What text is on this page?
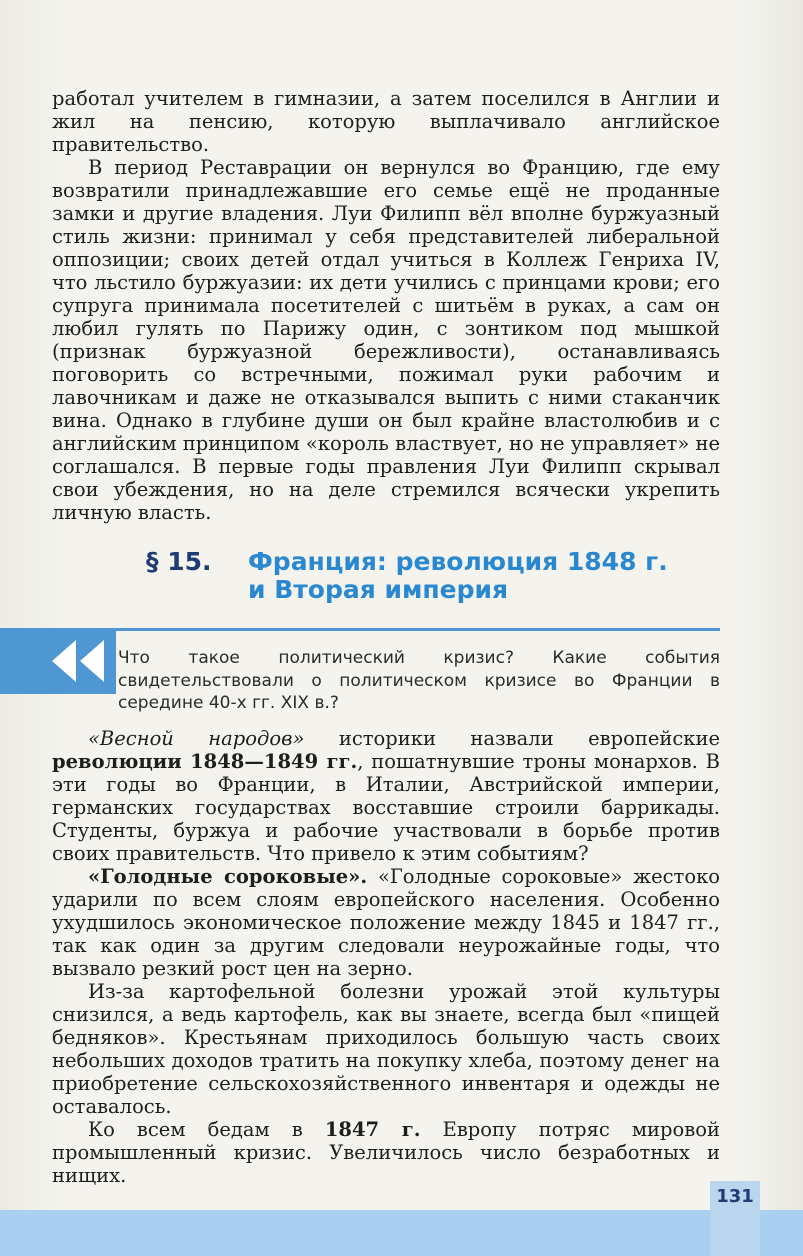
работал учителем в гимназии, а затем поселился в Англии и жил на пенсию, которую выплачивало английское правительство.

В период Реставрации он вернулся во Францию, где ему возвратили принадлежавшие его семье ещё не проданные замки и другие владения. Луи Филипп вёл вполне буржуазный стиль жизни: принимал у себя представителей либеральной оппозиции; своих детей отдал учиться в Коллеж Генриха IV, что льстило буржуазии: их дети учились с принцами крови; его супруга принимала посетителей с шитьём в руках, а сам он любил гулять по Парижу один, с зонтиком под мышкой (признак буржуазной бережливости), останавливаясь поговорить со встречными, пожимал руки рабочим и лавочникам и даже не отказывался выпить с ними стаканчик вина. Однако в глубине души он был крайне властолюбив и с английским принципом «король властвует, но не управляет» не соглашался. В первые годы правления Луи Филипп скрывал свои убеждения, но на деле стремился всячески укрепить личную власть.

§ 15. Франция: революция 1848 г.
и Вторая империя
Что такое политический кризис? Какие события свидетельствовали о политическом кризисе во Франции в середине 40-х гг. XIX в.?

«Весной народов» историки назвали европейские революции 1848—1849 гг., пошатнувшие троны монархов. В эти годы во Франции, в Италии, Австрийской империи, германских государствах восставшие строили баррикады. Студенты, буржуа и рабочие участвовали в борьбе против своих правительств. Что привело к этим событиям?

«Голодные сороковые». «Голодные сороковые» жестоко ударили по всем слоям европейского населения. Особенно ухудшилось экономическое положение между 1845 и 1847 гг., так как один за другим следовали неурожайные годы, что вызвало резкий рост цен на зерно.

Из-за картофельной болезни урожай этой культуры снизился, а ведь картофель, как вы знаете, всегда был «пищей бедняков». Крестьянам приходилось большую часть своих небольших доходов тратить на покупку хлеба, поэтому денег на приобретение сельскохозяйственного инвентаря и одежды не оставалось.

Ко всем бедам в 1847 г. Европу потряс мировой промышленный кризис. Увеличилось число безработных и нищих.

131
